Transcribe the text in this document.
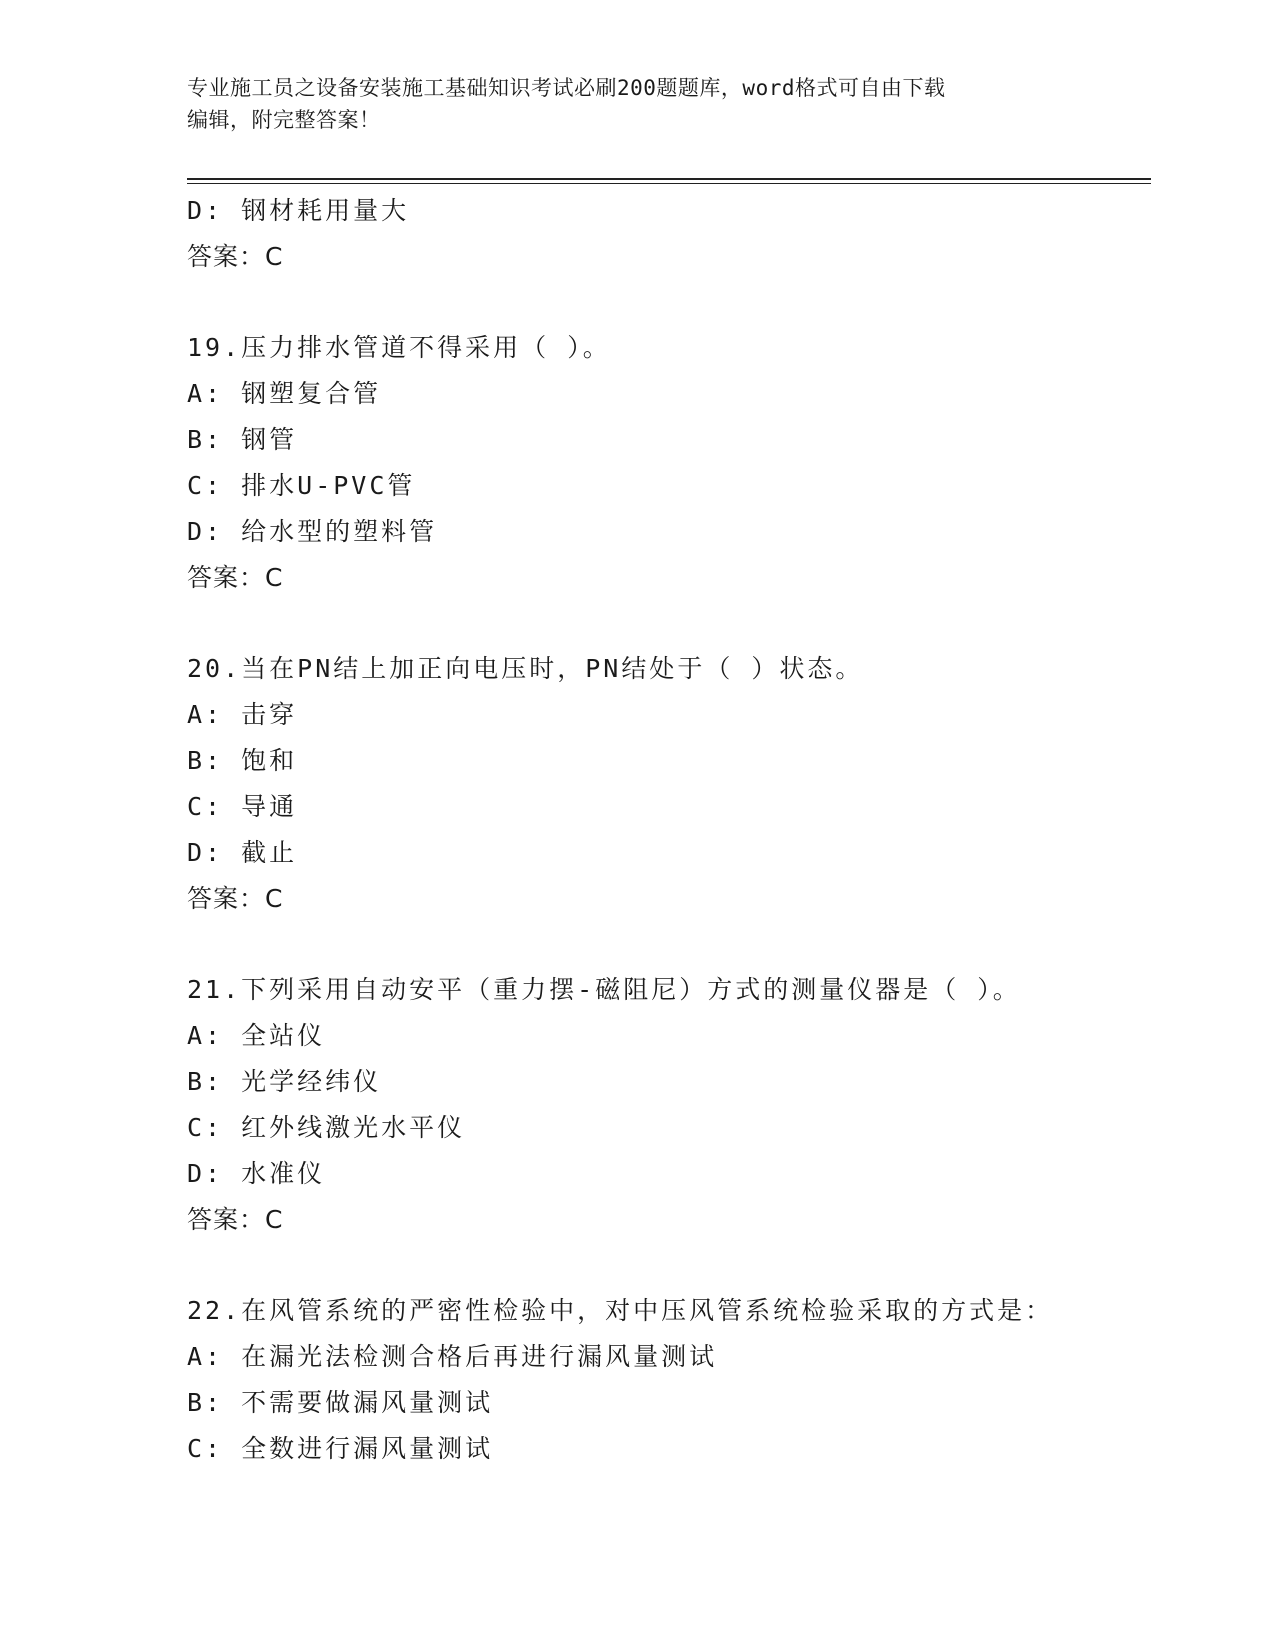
专业施工员之设备安装施工基础知识考试必刷200题题库，word格式可自由下载
编辑，附完整答案！
D: 钢材耗用量大
答案：C
19.压力排水管道不得采用（ ）。
A: 钢塑复合管
B: 钢管
C: 排水U-PVC管
D: 给水型的塑料管
答案：C
20.当在PN结上加正向电压时，PN结处于（ ）状态。
A: 击穿
B: 饱和
C: 导通
D: 截止
答案：C
21.下列采用自动安平（重力摆-磁阻尼）方式的测量仪器是（ ）。
A: 全站仪
B: 光学经纬仪
C: 红外线激光水平仪
D: 水准仪
答案：C
22.在风管系统的严密性检验中，对中压风管系统检验采取的方式是：
A: 在漏光法检测合格后再进行漏风量测试
B: 不需要做漏风量测试
C: 全数进行漏风量测试
